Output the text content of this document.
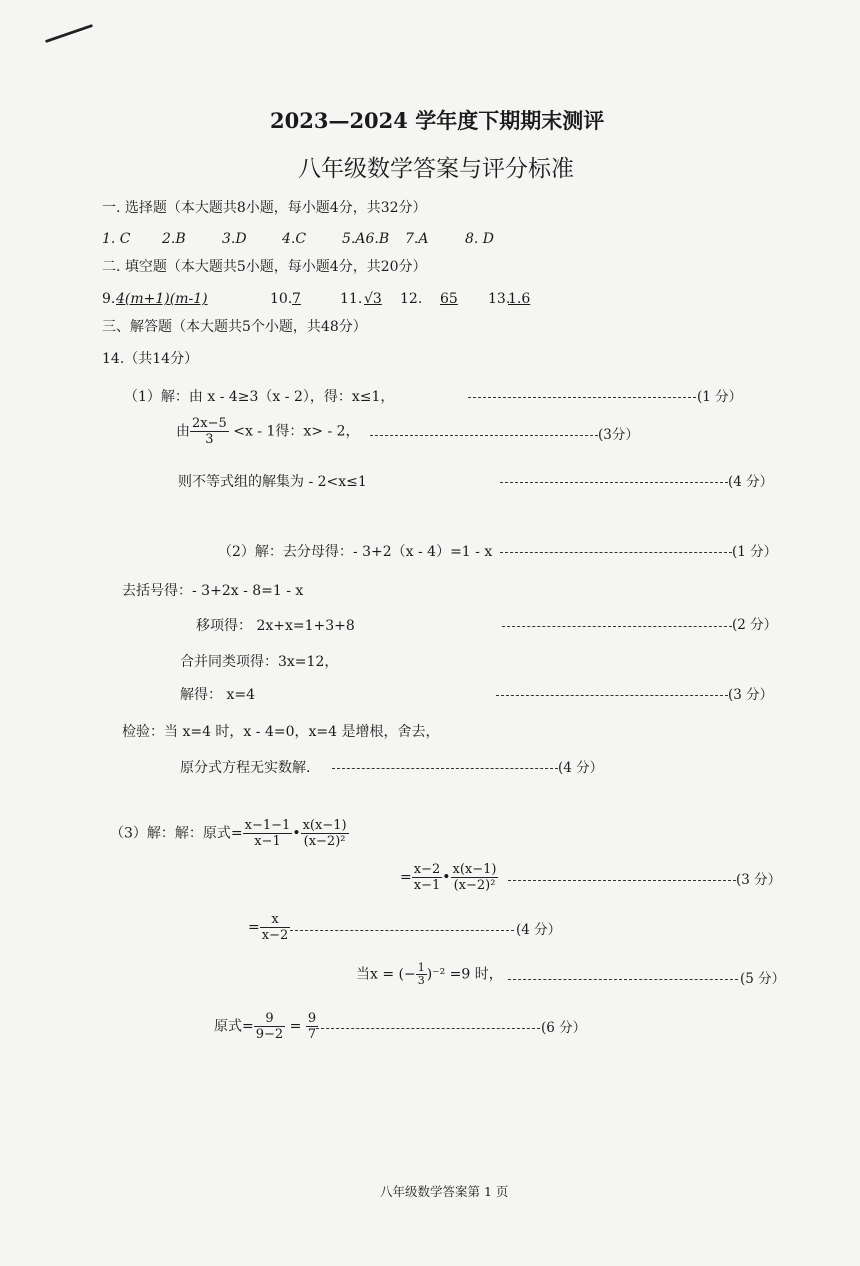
2023—2024 学年度下期期末测评
八年级数学答案与评分标准
一. 选择题（本大题共8小题，每小题4分，共32分）
1. C 2.B	3.D	4.C	5.A6.B 7.A	8. D
二. 填空题（本大题共5小题，每小题4分，共20分）
9. 4(m+1)(m-1)	10. 7	11. √3 12. 65	13.
1.6
三、解答题（本大题共5个小题，共48分）
14.（共14分）
（1）解：由 x - 4≥3（x - 2），得：x≤1，	(1 分）
由 $\frac{2x-5}{3} <x - 1$得：x> - 2，	(3分）
则不等式组的解集为 - 2<x≤1	(4 分）
（2）解：去分母得：- 3+2（x - 4）=1 - x	(1 分）
去括号得：- 3+2x - 8=1 - x
移项得： 2x+x=1+3+8	(2 分）
合并同类项得：3x=12，
解得： x=4	(3 分）
检验：当 x=4 时，x - 4=0，x=4 是增根，舍去，
原分式方程无实数解.	(4 分）
（3）解：解：原式= $\frac{x-1-1}{x-1}$ • $\frac{x(x-1)}{\text{(x−2)²}}$
= $\frac{x-2}{x-1}$ • $\frac{x(x-1)}{\text{(x−2)²}}$	(3 分）
= $\frac{x}{x-2}$	(4 分）
当x = (− $\frac{1}{3} )^{-2} =9$ 时，	(5 分）
原式= $\frac{9}{9-2} = \frac{9}{7}$	(6 分）
八年级数学答案第 1 页
